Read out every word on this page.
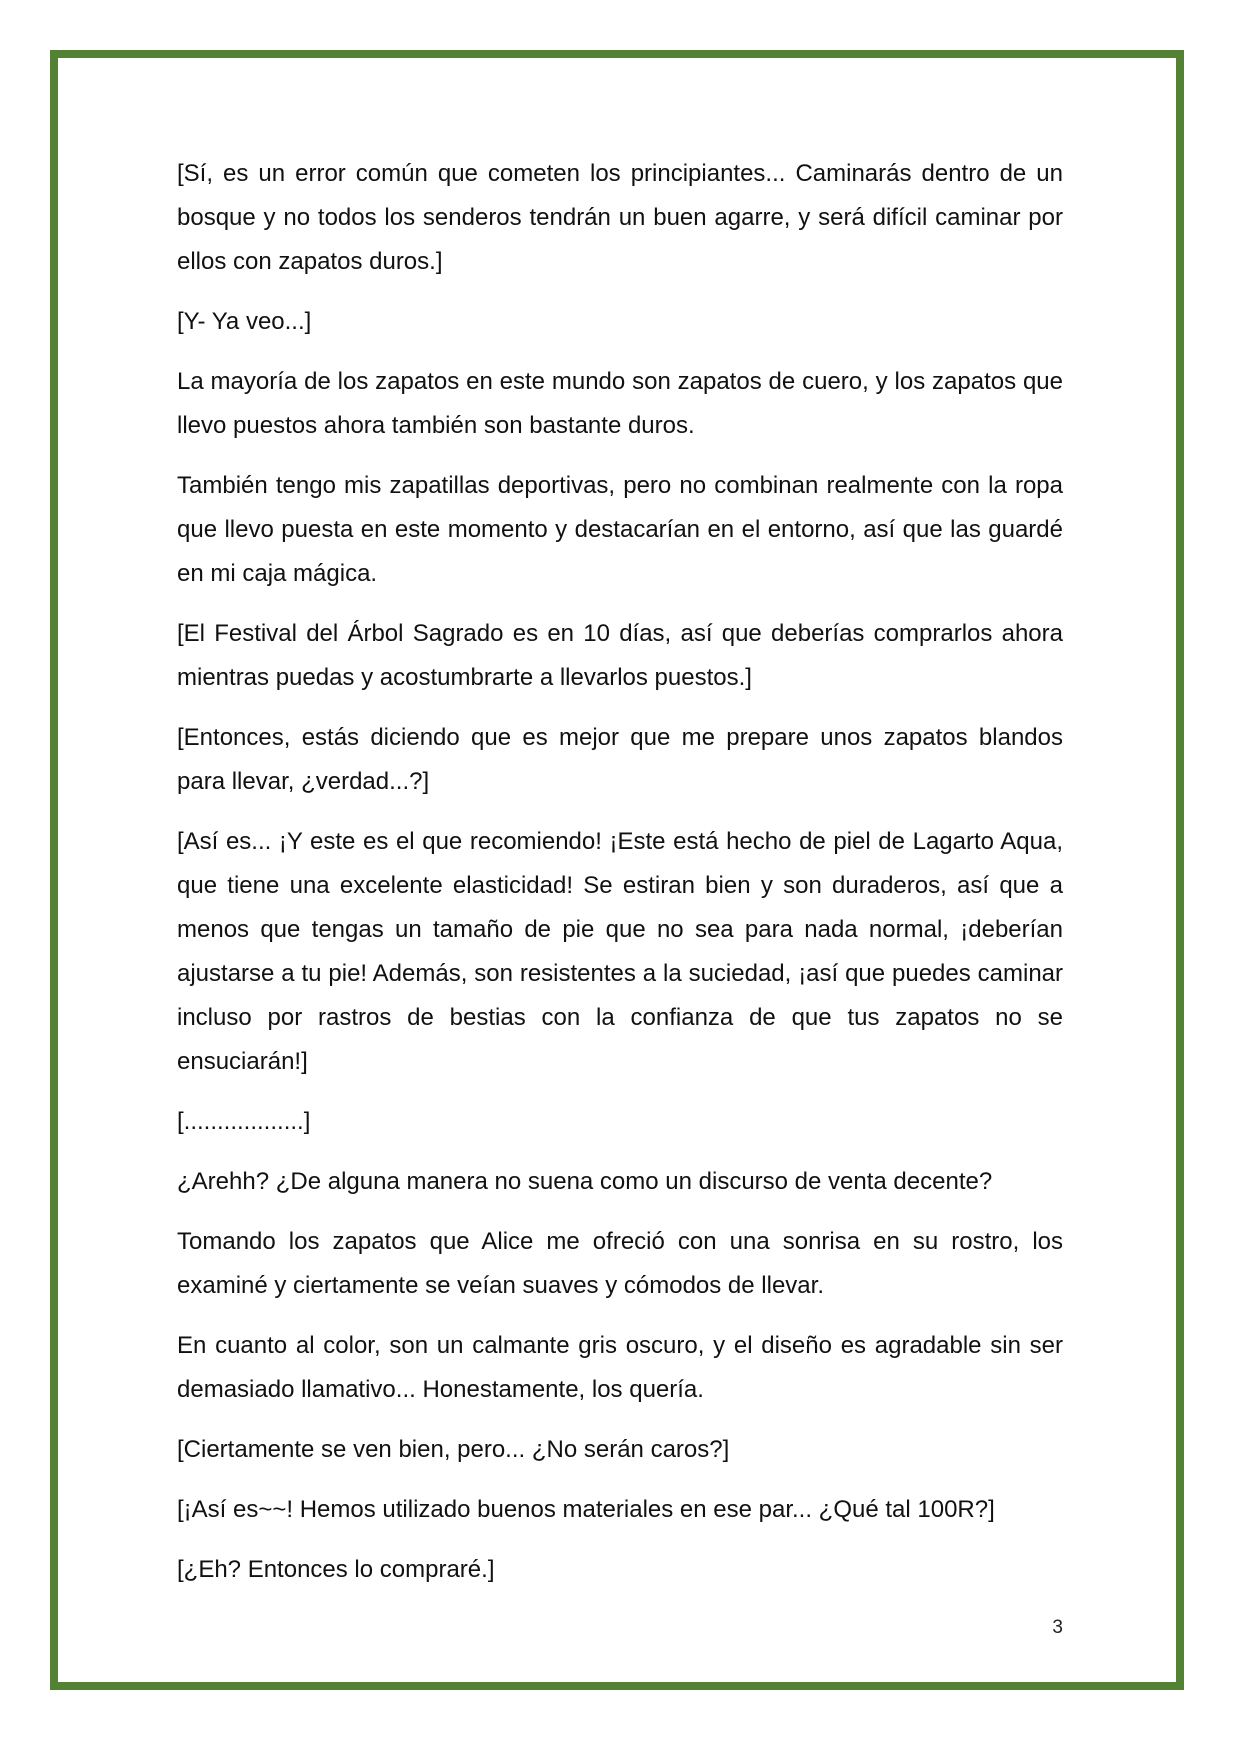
[Sí, es un error común que cometen los principiantes... Caminarás dentro de un bosque y no todos los senderos tendrán un buen agarre, y será difícil caminar por ellos con zapatos duros.]

[Y- Ya veo...]

La mayoría de los zapatos en este mundo son zapatos de cuero, y los zapatos que llevo puestos ahora también son bastante duros.

También tengo mis zapatillas deportivas, pero no combinan realmente con la ropa que llevo puesta en este momento y destacarían en el entorno, así que las guardé en mi caja mágica.

[El Festival del Árbol Sagrado es en 10 días, así que deberías comprarlos ahora mientras puedas y acostumbrarte a llevarlos puestos.]

[Entonces, estás diciendo que es mejor que me prepare unos zapatos blandos para llevar, ¿verdad...?]

[Así es... ¡Y este es el que recomiendo! ¡Este está hecho de piel de Lagarto Aqua, que tiene una excelente elasticidad! Se estiran bien y son duraderos, así que a menos que tengas un tamaño de pie que no sea para nada normal, ¡deberían ajustarse a tu pie! Además, son resistentes a la suciedad, ¡así que puedes caminar incluso por rastros de bestias con la confianza de que tus zapatos no se ensuciarán!]

[..................]

¿Arehh? ¿De alguna manera no suena como un discurso de venta decente?

Tomando los zapatos que Alice me ofreció con una sonrisa en su rostro, los examiné y ciertamente se veían suaves y cómodos de llevar.

En cuanto al color, son un calmante gris oscuro, y el diseño es agradable sin ser demasiado llamativo... Honestamente, los quería.

[Ciertamente se ven bien, pero... ¿No serán caros?]

[¡Así es~~! Hemos utilizado buenos materiales en ese par... ¿Qué tal 100R?]

[¿Eh? Entonces lo compraré.]

3
